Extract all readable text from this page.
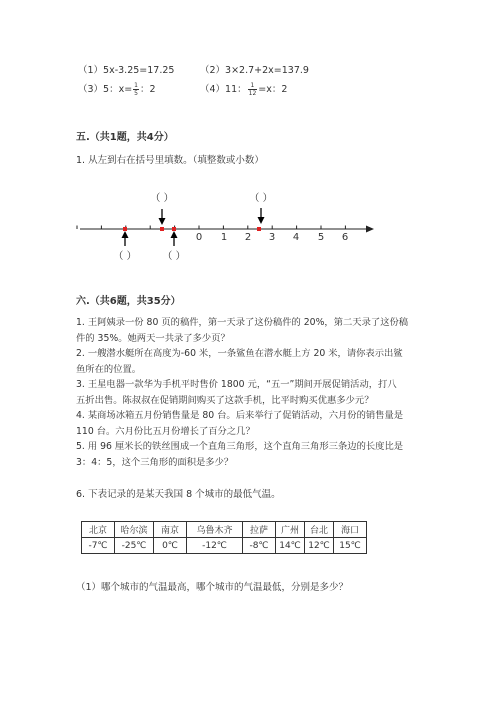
（1）5x-3.25=17.25	（2）3×2.7+2x=137.9
（3）5：$x= \frac{1}{5}$ ：2	（4）11： $\frac{1}{12} =x$：2
五.（共1题，共4分）
1. 从左到右在括号里填数。（填整数或小数）
0 1 2 3 4 5 6
（ ）	（ ）
（ ）	（ ）
六.（共6题，共35分）
1. 王阿姨录一份 80 页的稿件，第一天录了这份稿件的 20%，第二天录了这份稿
件的 35%。她两天一共录了多少页？
2. 一艘潜水艇所在高度为-60 米，一条鲨鱼在潜水艇上方 20 米，请你表示出鲨
鱼所在的位置。
3. 王星电器一款华为手机平时售价 1800 元，“五一”期间开展促销活动，打八
五折出售。陈叔叔在促销期间购买了这款手机，比平时购买优惠多少元？
4. 某商场冰箱五月份销售量是 80 台。后来举行了促销活动，六月份的销售量是
110 台。六月份比五月份增长了百分之几？
5. 用 96 厘米长的铁丝围成一个直角三角形，这个直角三角形三条边的长度比是
3：4：5，这个三角形的面积是多少？
6. 下表记录的是某天我国 8 个城市的最低气温。
北京	哈尔滨	南京	乌鲁木齐	拉萨	广州	台北	海口
-7℃	-25℃	0℃	-12℃	-8℃	14℃	12℃	15℃
（1）哪个城市的气温最高，哪个城市的气温最低，分别是多少？
